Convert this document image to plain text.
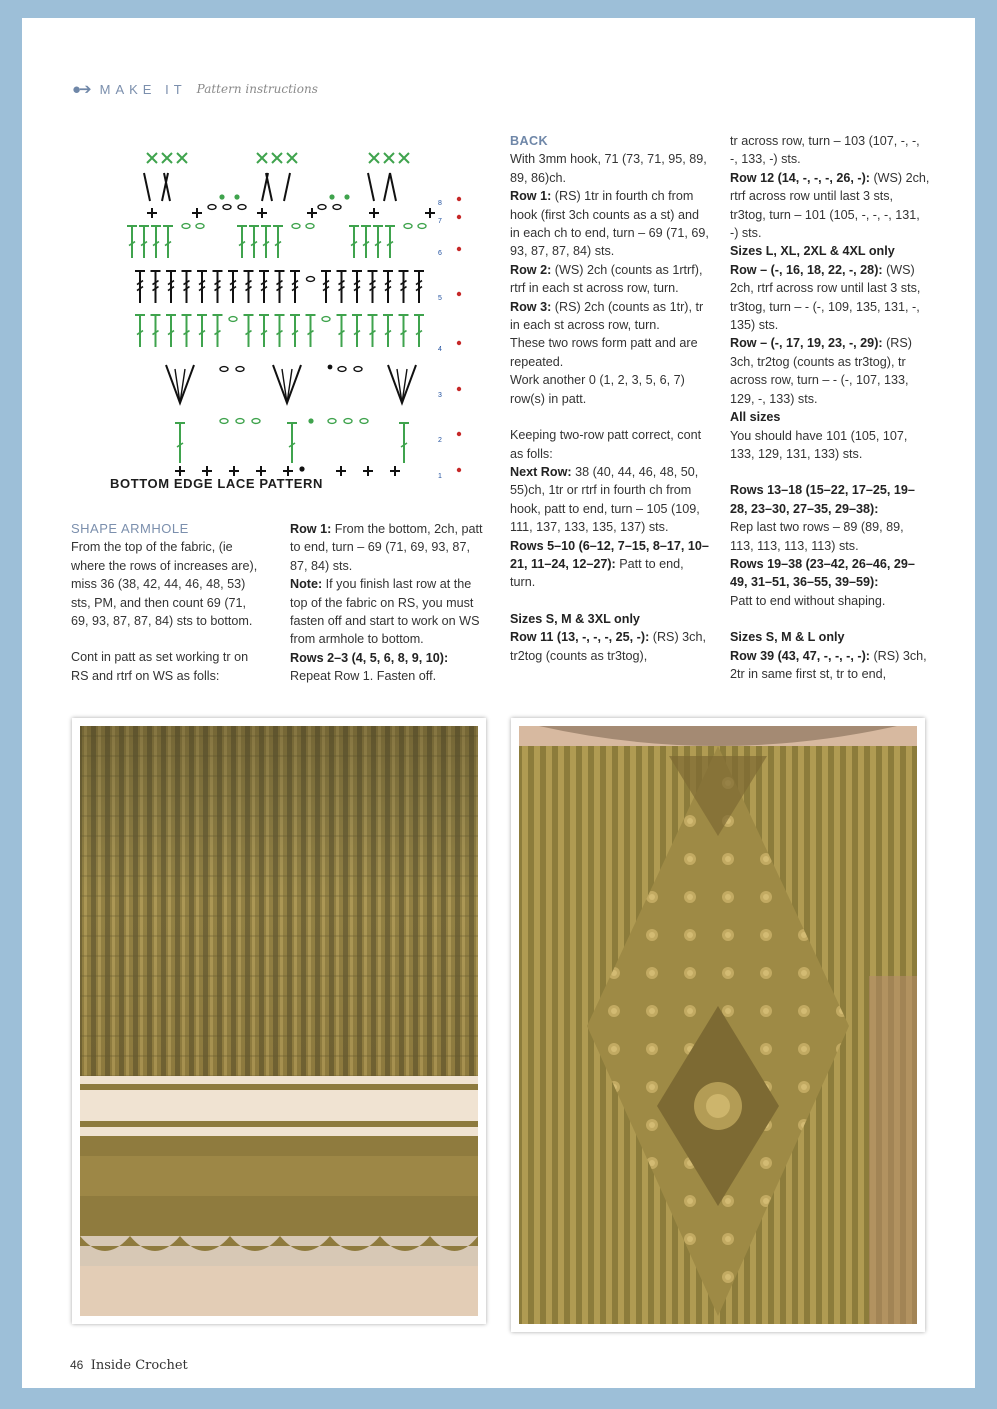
●➔ MAKE IT Pattern instructions
8
7
6
5
4
3
2
1
BOTTOM EDGE LACE PATTERN

SHAPE ARMHOLE

From the top of the fabric, (ie where the rows of increases are), miss 36 (38, 42, 44, 46, 48, 53) sts, PM, and then count 69 (71, 69, 93, 87, 87, 84) sts to bottom.

Cont in patt as set working tr on RS and rtrf on WS as folls:

Row 1: From the bottom, 2ch, patt to end, turn – 69 (71, 69, 93, 87, 87, 84) sts.

Note: If you finish last row at the top of the fabric on RS, you must fasten off and start to work on WS from armhole to bottom.

Rows 2–3 (4, 5, 6, 8, 9, 10): Repeat Row 1. Fasten off.

BACK

With 3mm hook, 71 (73, 71, 95, 89, 89, 86)ch.

Row 1: (RS) 1tr in fourth ch from hook (first 3ch counts as a st) and in each ch to end, turn – 69 (71, 69, 93, 87, 87, 84) sts.

Row 2: (WS) 2ch (counts as 1rtrf), rtrf in each st across row, turn.

Row 3: (RS) 2ch (counts as 1tr), tr in each st across row, turn.

These two rows form patt and are repeated.

Work another 0 (1, 2, 3, 5, 6, 7) row(s) in patt.

Keeping two-row patt correct, cont as folls:

Next Row: 38 (40, 44, 46, 48, 50, 55)ch, 1tr or rtrf in fourth ch from hook, patt to end, turn – 105 (109, 111, 137, 133, 135, 137) sts.

Rows 5–10 (6–12, 7–15, 8–17, 10–21, 11–24, 12–27): Patt to end, turn.

Sizes S, M & 3XL only

Row 11 (13, -, -, -, 25, -): (RS) 3ch, tr2tog (counts as tr3tog),

tr across row, turn – 103 (107, -, -, -, 133, -) sts.

Row 12 (14, -, -, -, 26, -): (WS) 2ch, rtrf across row until last 3 sts, tr3tog, turn – 101 (105, -, -, -, 131, -) sts.

Sizes L, XL, 2XL & 4XL only

Row – (-, 16, 18, 22, -, 28): (WS) 2ch, rtrf across row until last 3 sts, tr3tog, turn – - (-, 109, 135, 131, -, 135) sts.

Row – (-, 17, 19, 23, -, 29): (RS) 3ch, tr2tog (counts as tr3tog), tr across row, turn – - (-, 107, 133, 129, -, 133) sts.

All sizes

You should have 101 (105, 107, 133, 129, 131, 133) sts.

Rows 13–18 (15–22, 17–25, 19–28, 23–30, 27–35, 29–38):

Rep last two rows – 89 (89, 89, 113, 113, 113, 113) sts.

Rows 19–38 (23–42, 26–46, 29–49, 31–51, 36–55, 39–59):

Patt to end without shaping.

Sizes S, M & L only

Row 39 (43, 47, -, -, -, -): (RS) 3ch, 2tr in same first st, tr to end,

46 Inside Crochet
